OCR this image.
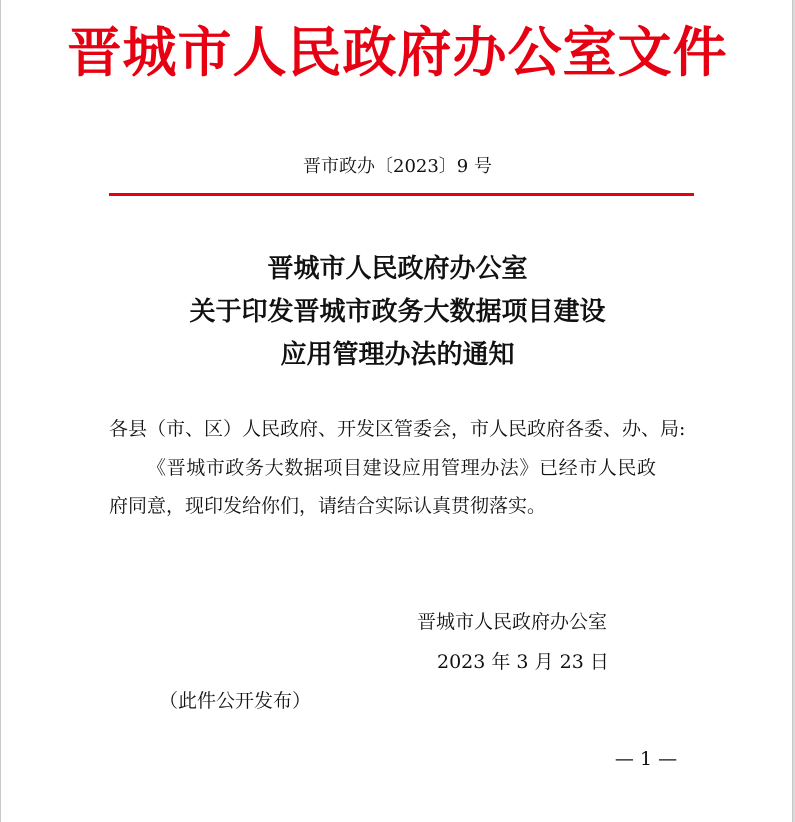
晋城市人民政府办公室文件
晋市政办〔2023〕9 号
晋城市人民政府办公室
关于印发晋城市政务大数据项目建设
应用管理办法的通知
各县（市、区）人民政府、开发区管委会，市人民政府各委、办、局:
《晋城市政务大数据项目建设应用管理办法》已经市人民政
府同意，现印发给你们，请结合实际认真贯彻落实。
晋城市人民政府办公室
2023 年 3 月 23 日
（此件公开发布）
— 1 —
